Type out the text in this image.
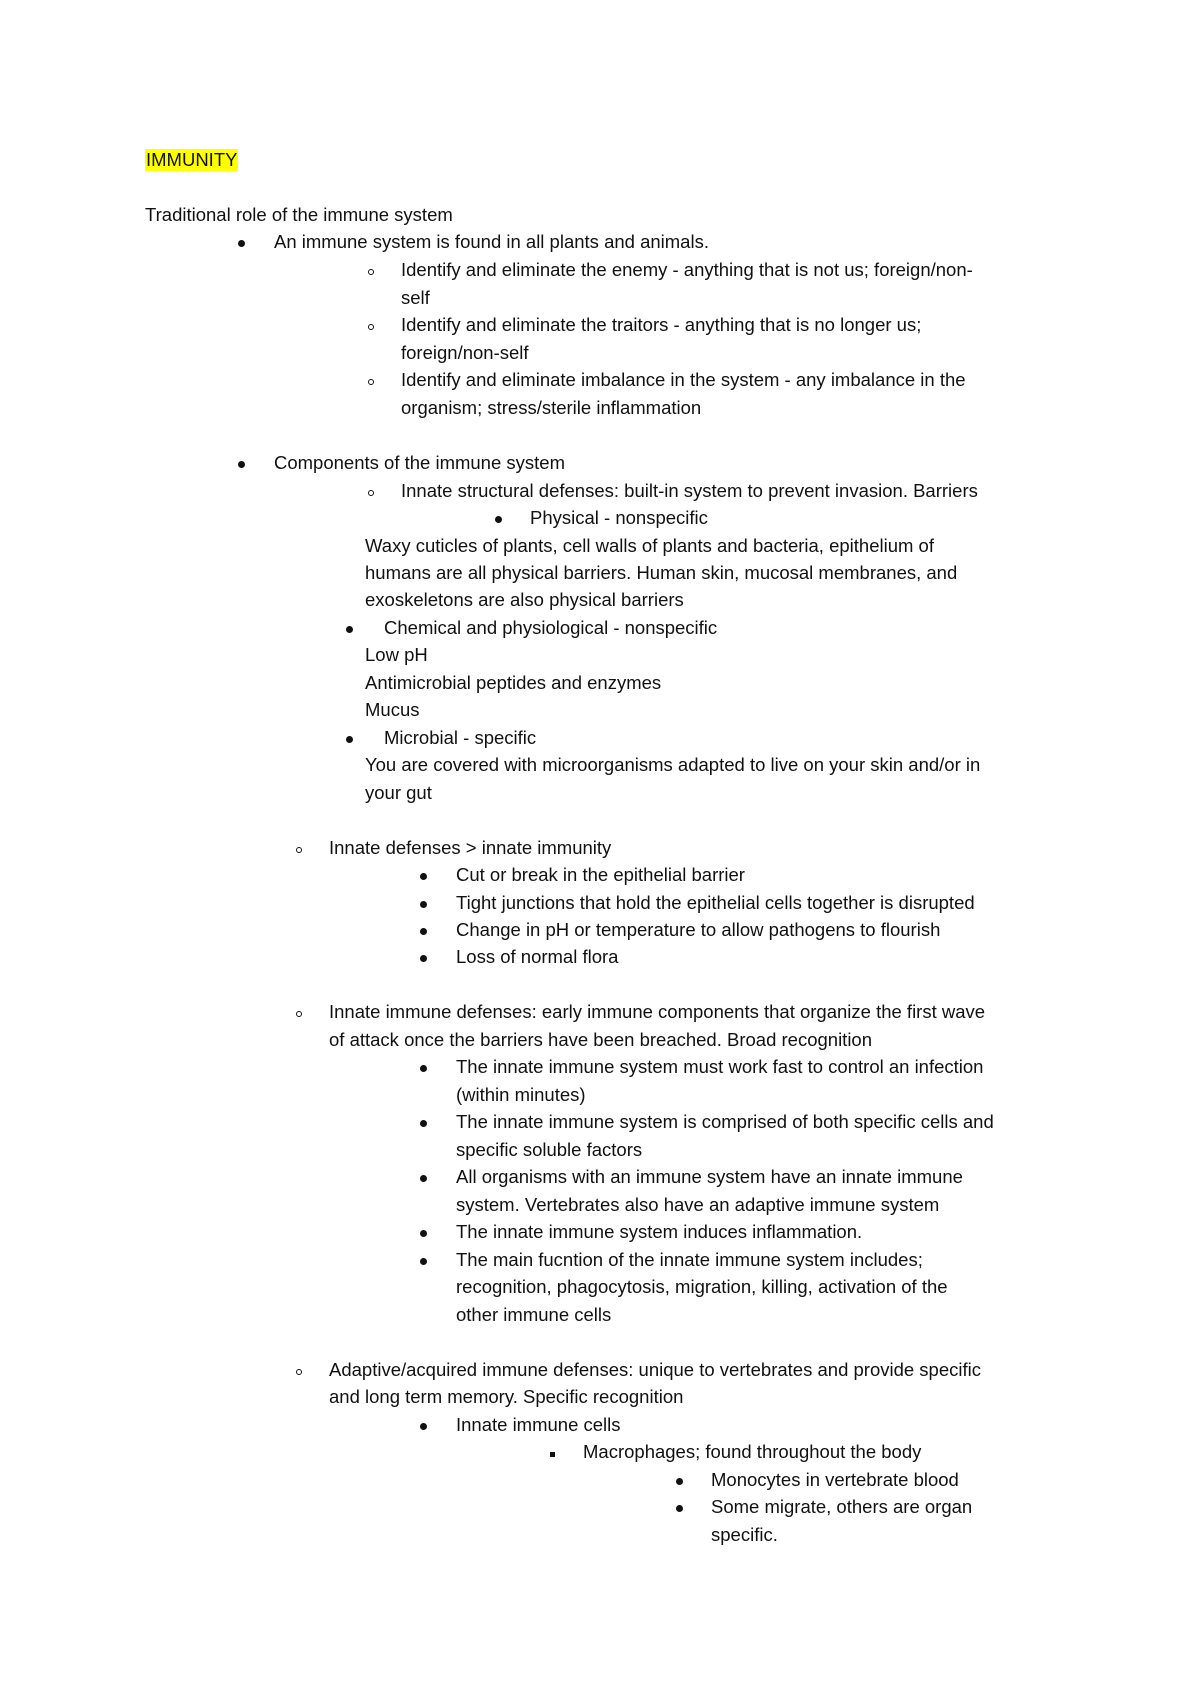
IMMUNITY
Traditional role of the immune system
An immune system is found in all plants and animals.
Identify and eliminate the enemy - anything that is not us; foreign/non-
self
Identify and eliminate the traitors - anything that is no longer us;
foreign/non-self
Identify and eliminate imbalance in the system - any imbalance in the
organism; stress/sterile inflammation
Components of the immune system
Innate structural defenses: built-in system to prevent invasion. Barriers
Physical - nonspecific
Waxy cuticles of plants, cell walls of plants and bacteria, epithelium of
humans are all physical barriers. Human skin, mucosal membranes, and
exoskeletons are also physical barriers
Chemical and physiological - nonspecific
Low pH
Antimicrobial peptides and enzymes
Mucus
Microbial - specific
You are covered with microorganisms adapted to live on your skin and/or in
your gut
Innate defenses > innate immunity
Cut or break in the epithelial barrier
Tight junctions that hold the epithelial cells together is disrupted
Change in pH or temperature to allow pathogens to flourish
Loss of normal flora
Innate immune defenses: early immune components that organize the first wave
of attack once the barriers have been breached. Broad recognition
The innate immune system must work fast to control an infection
(within minutes)
The innate immune system is comprised of both specific cells and
specific soluble factors
All organisms with an immune system have an innate immune
system. Vertebrates also have an adaptive immune system
The innate immune system induces inflammation.
The main fucntion of the innate immune system includes;
recognition, phagocytosis, migration, killing, activation of the
other immune cells
Adaptive/acquired immune defenses: unique to vertebrates and provide specific
and long term memory. Specific recognition
Innate immune cells
Macrophages; found throughout the body
Monocytes in vertebrate blood
Some migrate, others are organ
specific.
